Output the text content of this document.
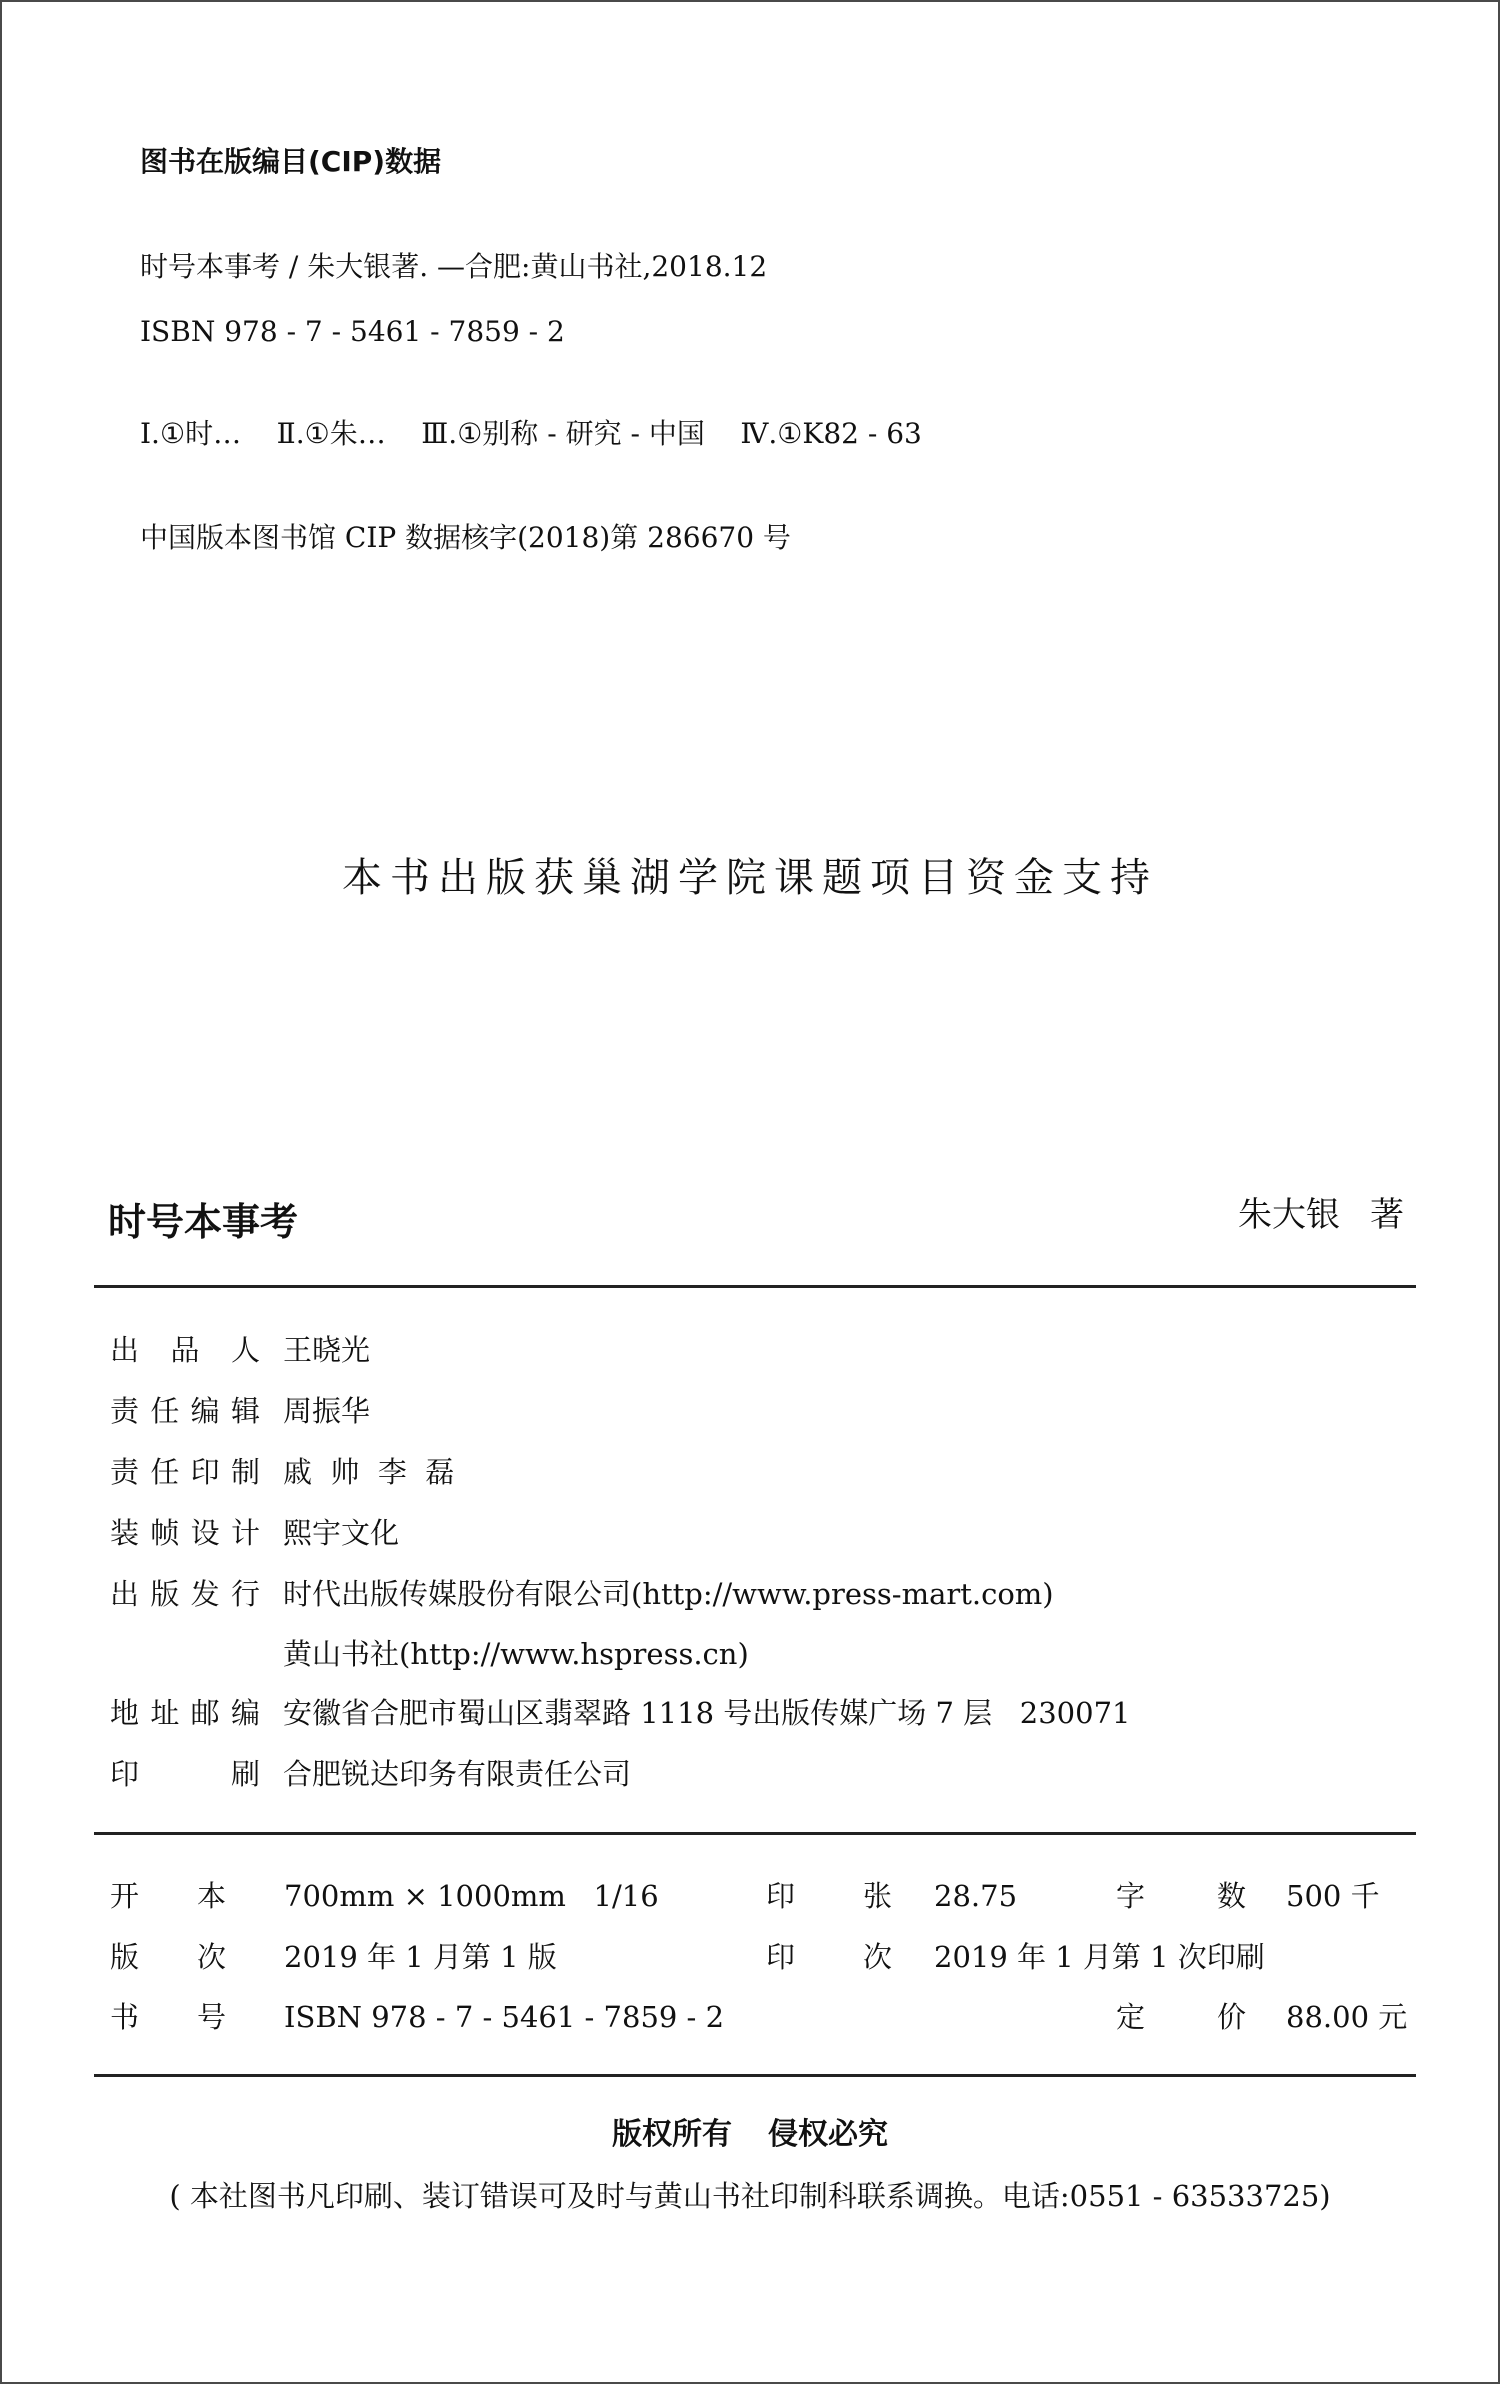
图书在版编目(CIP)数据
时号本事考 / 朱大银著. —合肥:黄山书社,2018.12
ISBN 978 - 7 - 5461 - 7859 - 2
Ⅰ.①时…    Ⅱ.①朱…    Ⅲ.①别称 - 研究 - 中国    Ⅳ.①K82 - 63
中国版本图书馆 CIP 数据核字(2018)第 286670 号
本书出版获巢湖学院课题项目资金支持
时号本事考	朱大银 著
出 品 人 王晓光
责 任 编 辑 周振华
责 任 印 制 戚  帅  李  磊
装 帧 设 计 熙宇文化
出 版 发 行 时代出版传媒股份有限公司(http://www.press-mart.com)
黄山书社(http://www.hspress.cn)
地 址 邮 编 安徽省合肥市蜀山区翡翠路 1118 号出版传媒广场 7 层   230071
印	刷 合肥锐达印务有限责任公司
开 本 700mm × 1000mm   1/16	印 张 28.75	字 数 500 千
版 次 2019 年 1 月第 1 版	印 次 2019 年 1 月第 1 次印刷
书 号 ISBN 978 - 7 - 5461 - 7859 - 2	定 价 88.00 元
版权所有 侵权必究
( 本社图书凡印刷、装订错误可及时与黄山书社印制科联系调换。电话:0551 - 63533725)
